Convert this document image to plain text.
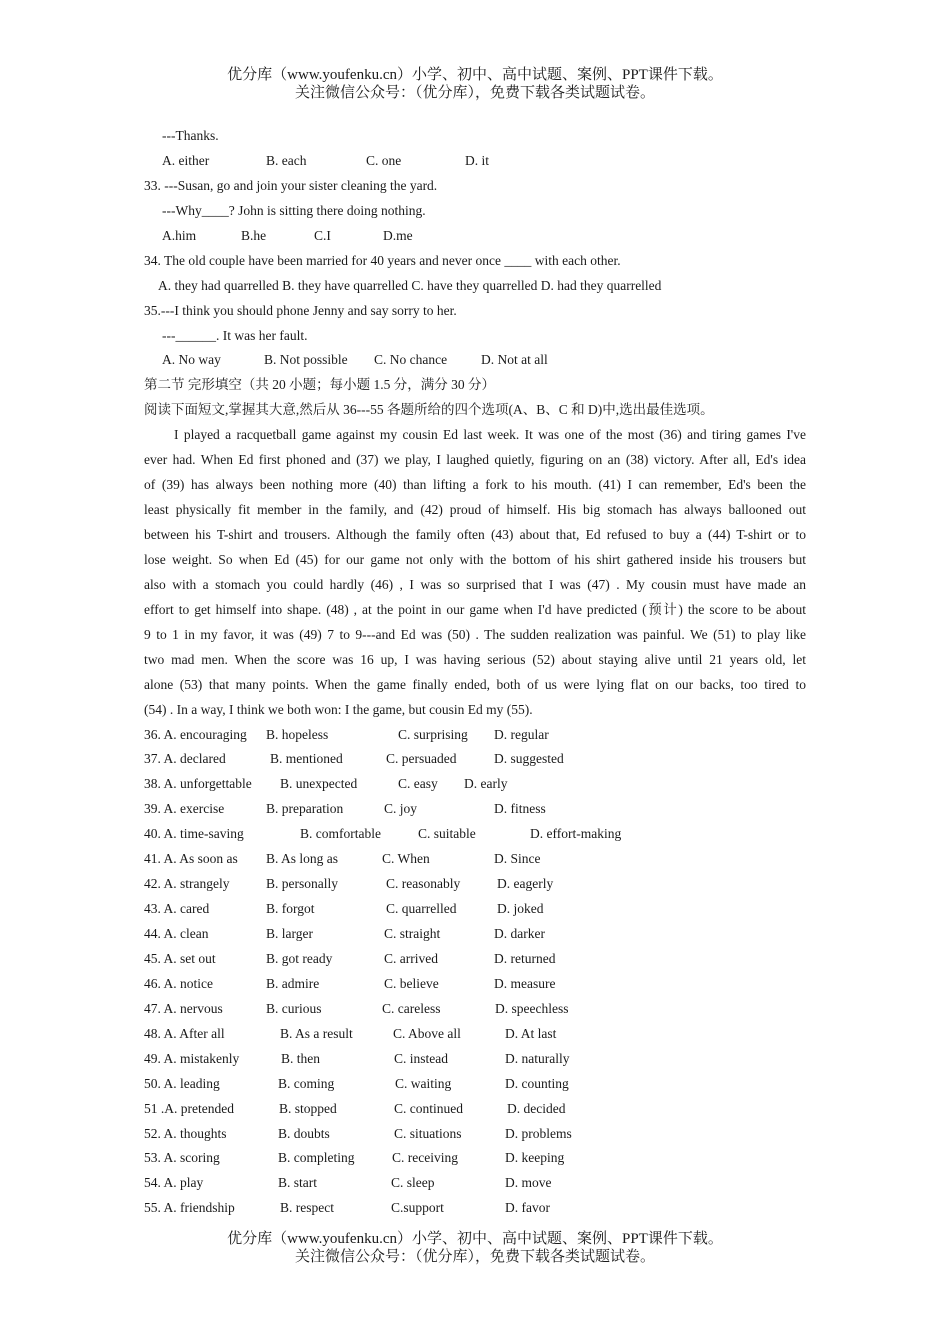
优分库（www.youfenku.cn）小学、初中、高中试题、案例、PPT课件下载。
关注微信公众号：（优分库），免费下载各类试题试卷。
---Thanks.
A. either	B. each	C. one	D. it
33. ---Susan, go and join your sister cleaning the yard.
---Why____? John is sitting there doing nothing.
A.him	B.he	C.I	D.me
34. The old couple have been married for 40 years and never once ____ with each other.
A. they had quarrelled B. they have quarrelled C. have they quarrelled D. had they quarrelled
35.---I think you should phone Jenny and say sorry to her.
---______. It was her fault.
A. No way	B. Not possible C. No chance	D. Not at all
第二节 完形填空（共 20 小题；每小题 1.5 分，满分 30 分）
阅读下面短文,掌握其大意,然后从 36---55 各题所给的四个选项(A、B、C 和 D)中,选出最佳选项。

I played a racquetball game against my cousin Ed last week. It was one of the most (36) and tiring games I've

ever had. When Ed first phoned and (37) we play, I laughed quietly, figuring on an (38) victory. After all, Ed's idea

of (39) has always been nothing more (40) than lifting a fork to his mouth. (41) I can remember, Ed's been the

least physically fit member in the family, and (42) proud of himself. His big stomach has always ballooned out

between his T-shirt and trousers. Although the family often (43) about that, Ed refused to buy a (44) T-shirt or to

lose weight. So when Ed (45) for our game not only with the bottom of his shirt gathered inside his trousers but

also with a stomach you could hardly (46) , I was so surprised that I was (47) . My cousin must have made an

effort to get himself into shape. (48) , at the point in our game when I'd have predicted (预计) the score to be about

9 to 1 in my favor, it was (49) 7 to 9---and Ed was (50) . The sudden realization was painful. We (51) to play like

two mad men. When the score was 16 up, I was having serious (52) about staying alive until 21 years old, let

alone (53) that many points. When the game finally ended, both of us were lying flat on our backs, too tired to

(54) . In a way, I think we both won: I the game, but cousin Ed my (55).

36. A. encouraging B. hopeless	C. surprising D. regular
37. A. declared	B. mentioned	C. persuaded	D. suggested
38. A. unforgettable B. unexpected	C. easy D. early
39. A. exercise	B. preparation	C. joy	D. fitness
40. A. time-saving	B. comfortable	C. suitable	D. effort-making
41. A. As soon as B. As long as	C. When	D. Since
42. A. strangely	B. personally	C. reasonably	D. eagerly
43. A. cared	B. forgot	C. quarrelled	D. joked
44. A. clean	B. larger	C. straight	D. darker
45. A. set out	B. got ready	C. arrived	D. returned
46. A. notice	B. admire	C. believe	D. measure
47. A. nervous	B. curious	C. careless	D. speechless
48. A. After all	B. As a result	C. Above all	D. At last
49. A. mistakenly	B. then	C. instead	D. naturally
50. A. leading	B. coming	C. waiting	D. counting
51 .A. pretended	B. stopped	C. continued	D. decided
52. A. thoughts	B. doubts	C. situations	D. problems
53. A. scoring	B. completing	C. receiving	D. keeping
54. A. play	B. start	C. sleep	D. move
55. A. friendship	B. respect	C.support	D. favor
优分库（www.youfenku.cn）小学、初中、高中试题、案例、PPT课件下载。
关注微信公众号：（优分库），免费下载各类试题试卷。
